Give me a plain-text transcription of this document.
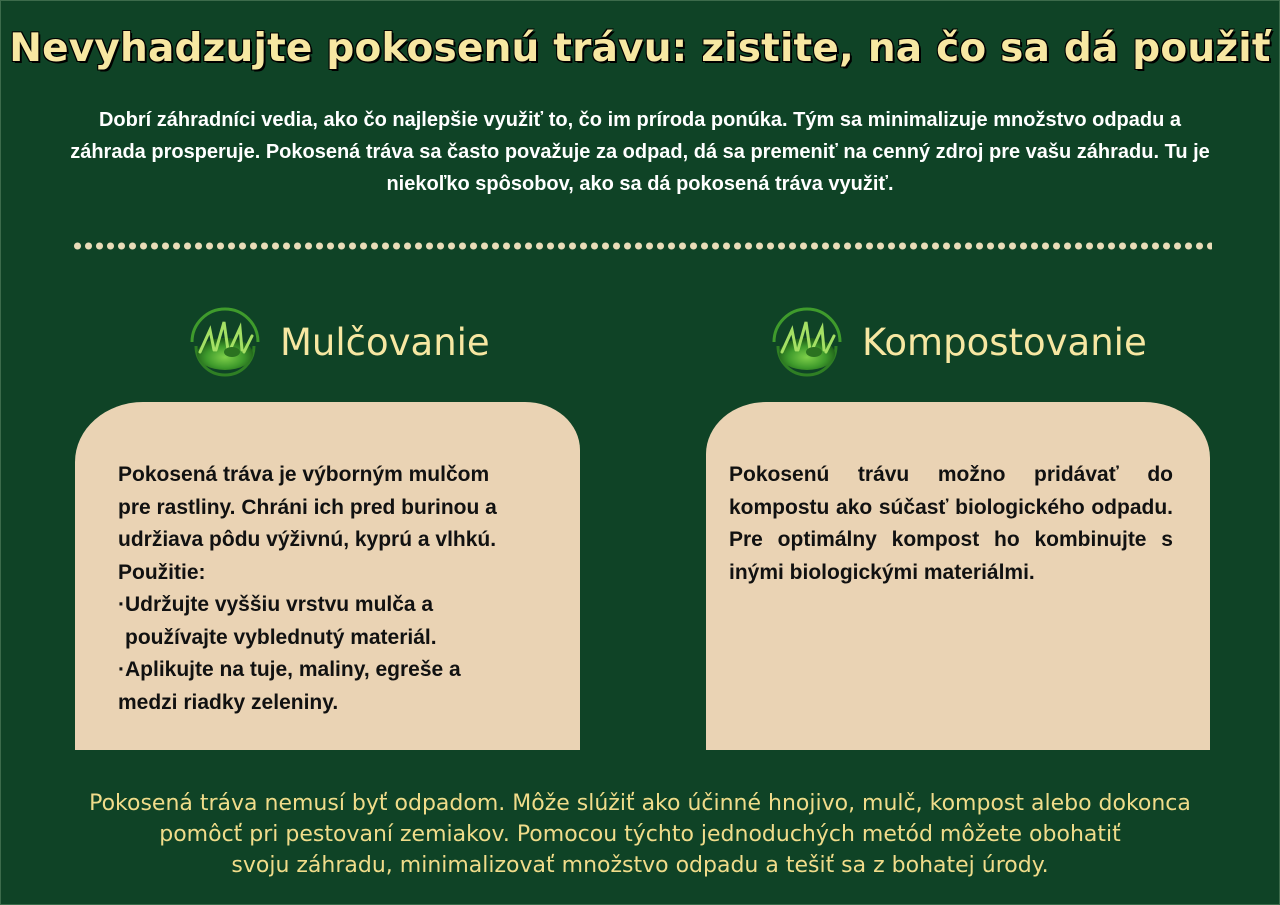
Nevyhadzujte pokosenú trávu: zistite, na čo sa dá použiť
Dobrí záhradníci vedia, ako čo najlepšie využiť to, čo im príroda ponúka. Tým sa minimalizuje množstvo odpadu a záhrada prosperuje. Pokosená tráva sa často považuje za odpad, dá sa premeniť na cenný zdroj pre vašu záhradu. Tu je niekoľko spôsobov, ako sa dá pokosená tráva využiť.
Mulčovanie	Kompostovanie
Pokosená tráva je výborným mulčom
pre rastliny. Chráni ich pred burinou a
udržiava pôdu výživnú, kyprú a vlhkú.
Použitie:
·Udržujte vyššiu vrstvu mulča a
používajte vyblednutý materiál.
·Aplikujte na tuje, maliny, egreše a
medzi riadky zeleniny.
Pokosenú trávu možno pridávať do kompostu ako súčasť biologického odpadu. Pre optimálny kompost ho kombinujte s inými biologickými materiálmi.
Pokosená tráva nemusí byť odpadom. Môže slúžiť ako účinné hnojivo, mulč, kompost alebo dokonca
pomôcť pri pestovaní zemiakov. Pomocou týchto jednoduchých metód môžete obohatiť
svoju záhradu, minimalizovať množstvo odpadu a tešiť sa z bohatej úrody.
